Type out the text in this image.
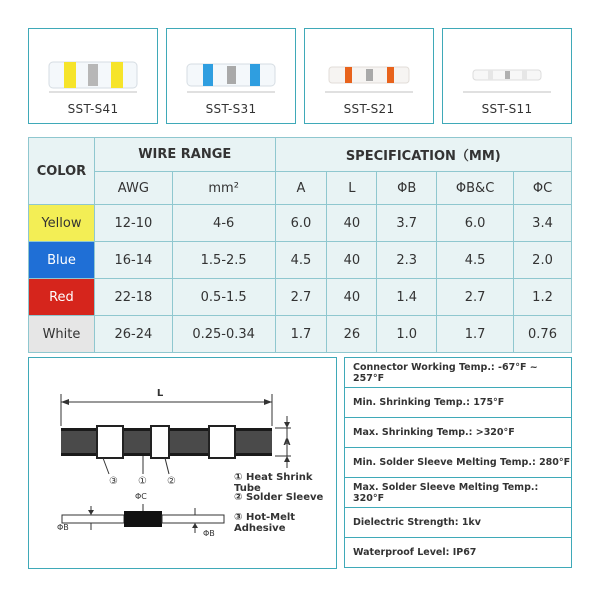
SST-S41	SST-S31	SST-S21	SST-S11
COLOR	WIRE RANGE		SPECIFICATION（MM)				
	AWG	mm²	A	L	ΦB	ΦB&C	ΦC
Yellow	12-10	4-6	6.0	40	3.7	6.0	3.4
Blue	16-14	1.5-2.5	4.5	40	2.3	4.5	2.0
Red	22-18	0.5-1.5	2.7	40	1.4	2.7	1.2
White	26-24	0.25-0.34	1.7	26	1.0	1.7	0.76
L
A
③ ① ②
ΦC
ΦB
ΦB
① Heat Shrink Tube
② Solder Sleeve
③ Hot-Melt Adhesive
Connector Working Temp.: -67°F ~ 257°F
Min. Shrinking Temp.: 175°F
Max. Shrinking Temp.: >320°F
Min. Solder Sleeve Melting Temp.: 280°F
Max. Solder Sleeve Melting Temp.: 320°F
Dielectric Strength: 1kv
Waterproof Level: IP67
